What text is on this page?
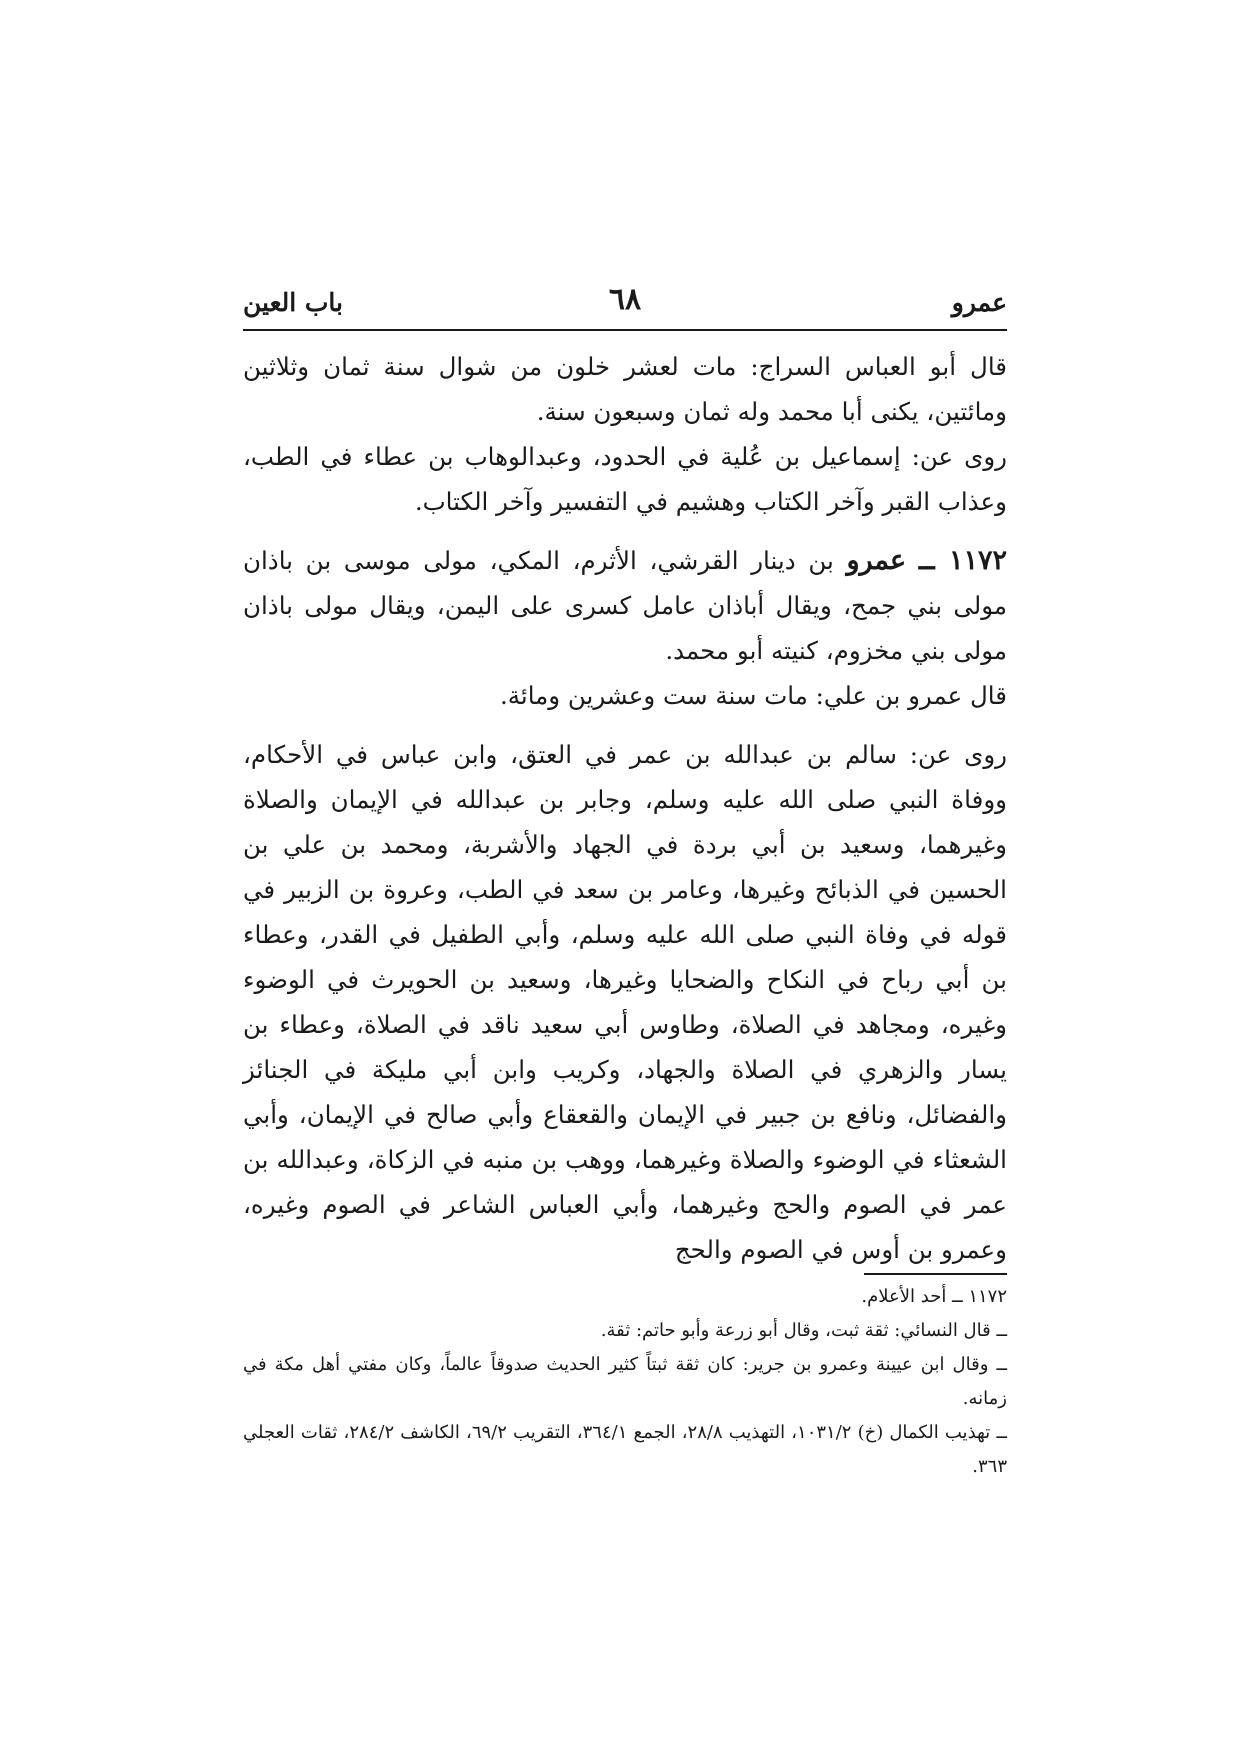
عمرو
٦٨
باب العين

قال أبو العباس السراج: مات لعشر خلون من شوال سنة ثمان وثلاثين ومائتين، يكنى أبا محمد وله ثمان وسبعون سنة.

روى عن: إسماعيل بن عُلية في الحدود، وعبدالوهاب بن عطاء في الطب، وعذاب القبر وآخر الكتاب وهشيم في التفسير وآخر الكتاب.

١١٧٢ ــ عمرو بن دينار القرشي، الأثرم، المكي، مولى موسى بن باذان مولى بني جمح، ويقال أباذان عامل كسرى على اليمن، ويقال مولى باذان مولى بني مخزوم، كنيته أبو محمد.

قال عمرو بن علي: مات سنة ست وعشرين ومائة.

روى عن: سالم بن عبدالله بن عمر في العتق، وابن عباس في الأحكام، ووفاة النبي صلى الله عليه وسلم، وجابر بن عبدالله في الإيمان والصلاة وغيرهما، وسعيد بن أبي بردة في الجهاد والأشربة، ومحمد بن علي بن الحسين في الذبائح وغيرها، وعامر بن سعد في الطب، وعروة بن الزبير في قوله في وفاة النبي صلى الله عليه وسلم، وأبي الطفيل في القدر، وعطاء بن أبي رباح في النكاح والضحايا وغيرها، وسعيد بن الحويرث في الوضوء وغيره، ومجاهد في الصلاة، وطاوس أبي سعيد ناقد في الصلاة، وعطاء بن يسار والزهري في الصلاة والجهاد، وكريب وابن أبي مليكة في الجنائز والفضائل، ونافع بن جبير في الإيمان والقعقاع وأبي صالح في الإيمان، وأبي الشعثاء في الوضوء والصلاة وغيرهما، ووهب بن منبه في الزكاة، وعبدالله بن عمر في الصوم والحج وغيرهما، وأبي العباس الشاعر في الصوم وغيره، وعمرو بن أوس في الصوم والحج

١١٧٢ ــ أحد الأعلام.

ــ قال النسائي: ثقة ثبت، وقال أبو زرعة وأبو حاتم: ثقة.

ــ وقال ابن عيينة وعمرو بن جرير: كان ثقة ثبتاً كثير الحديث صدوقاً عالماً، وكان مفتي أهل مكة في زمانه.

ــ تهذيب الكمال (خ) ١٠٣١/٢، التهذيب ٢٨/٨، الجمع ٣٦٤/١، التقريب ٦٩/٢، الكاشف ٢٨٤/٢، ثقات العجلي ٣٦٣.
